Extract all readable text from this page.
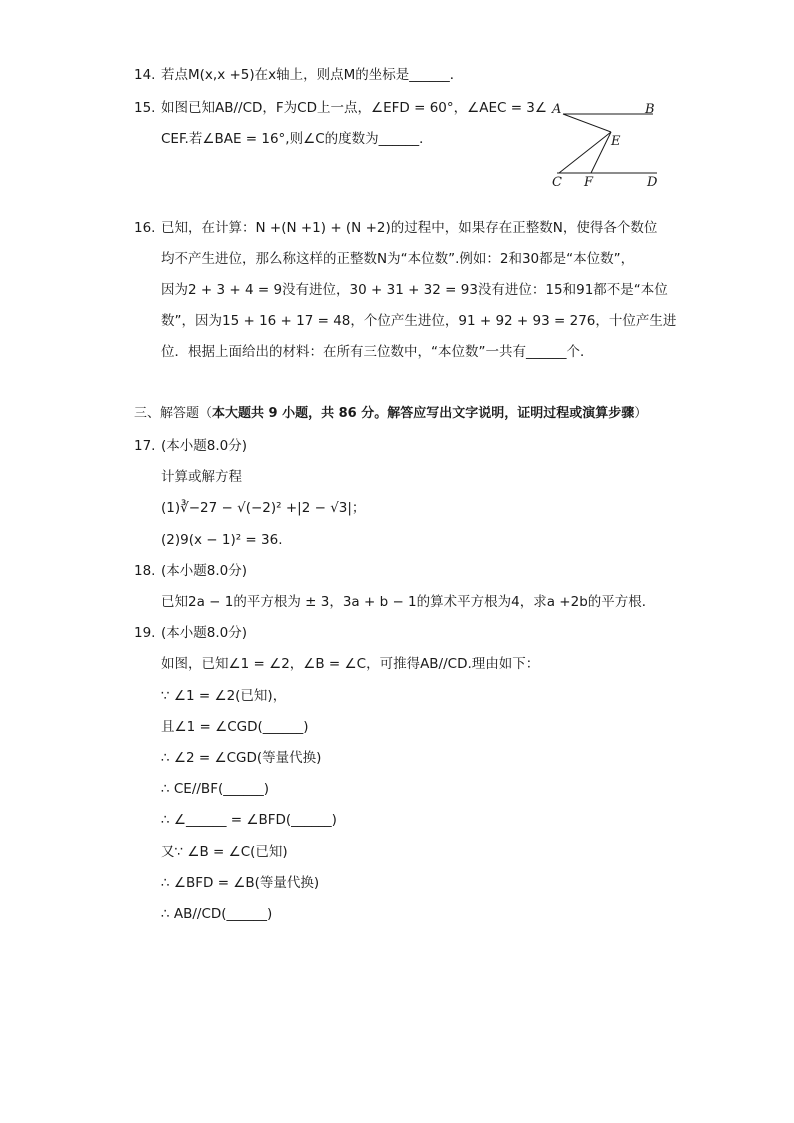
14. 若点M(x,x +5)在x轴上，则点M的坐标是______．
15. 如图已知AB//CD，F为CD上一点，∠EFD = 60°，∠AEC = 3∠
CEF.若∠BAE = 16°,则∠C的度数为______．
A	B
E
C F	D
16. 已知，在计算：N +(N +1) + (N +2)的过程中，如果存在正整数N，使得各个数位
均不产生进位，那么称这样的正整数N为“本位数”.例如：2和30都是“本位数”，
因为2 + 3 + 4 = 9没有进位，30 + 31 + 32 = 93没有进位：15和91都不是“本位
数”，因为15 + 16 + 17 = 48，个位产生进位，91 + 92 + 93 = 276，十位产生进
位．根据上面给出的材料：在所有三位数中，“本位数”一共有______个．
三、解答题（本大题共 9 小题，共 86 分。解答应写出文字说明，证明过程或演算步骤）
17. (本小题8.0分)
计算或解方程
(1)∛−27 − √(−2)² +|2 − √3|；
(2)9(x − 1)² = 36.
18. (本小题8.0分)
已知2a − 1的平方根为 ± 3，3a + b − 1的算术平方根为4，求a +2b的平方根．
19. (本小题8.0分)
如图，已知∠1 = ∠2，∠B = ∠C，可推得AB//CD.理由如下：
∵ ∠1 = ∠2(已知)，
且∠1 = ∠CGD(______)
∴ ∠2 = ∠CGD(等量代换)
∴ CE//BF(______)
∴ ∠______ = ∠BFD(______)
又∵ ∠B = ∠C(已知)
∴ ∠BFD = ∠B(等量代换)
∴ AB//CD(______)
